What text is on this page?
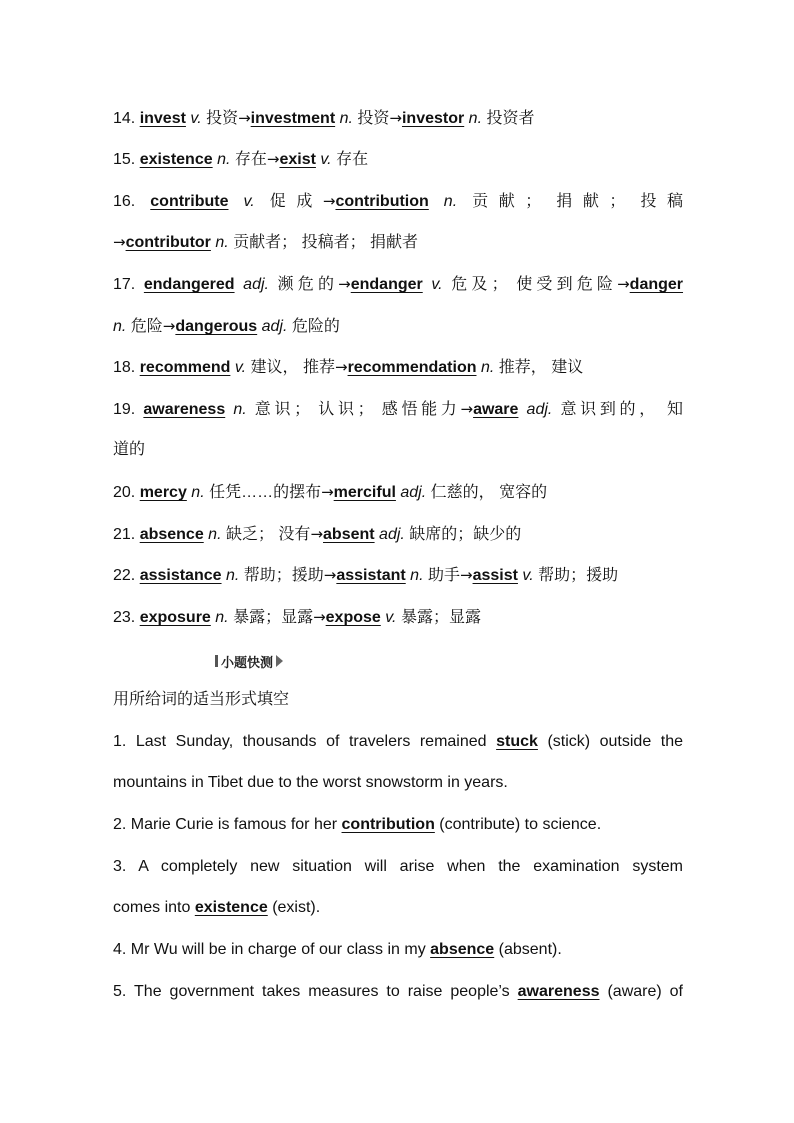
14. invest v. 投资→investment n. 投资→investor n. 投资者
15. existence n. 存在→exist v. 存在
16. contribute v. 促成→contribution n. 贡献； 捐献； 投稿
→contributor n. 贡献者； 投稿者； 捐献者
17. endangered adj. 濒危的→endanger v. 危及； 使受到危险→danger
n. 危险→dangerous adj. 危险的
18. recommend v. 建议， 推荐→recommendation n. 推荐， 建议
19. awareness n. 意识； 认识； 感悟能力→aware adj. 意识到的， 知
道的
20. mercy n. 任凭……的摆布→merciful adj. 仁慈的， 宽容的
21. absence n. 缺乏； 没有→absent adj. 缺席的；缺少的
22. assistance n. 帮助；援助→assistant n. 助手→assist v. 帮助；援助
23. exposure n. 暴露；显露→expose v. 暴露；显露
用所给词的适当形式填空
1. Last Sunday, thousands of travelers remained stuck (stick) outside the
mountains in Tibet due to the worst snowstorm in years.
2. Marie Curie is famous for her contribution (contribute) to science.
3. A completely new situation will arise when the examination system
comes into existence (exist).
4. Mr Wu will be in charge of our class in my absence (absent).
5. The government takes measures to raise people’s awareness (aware) of
小题快测
